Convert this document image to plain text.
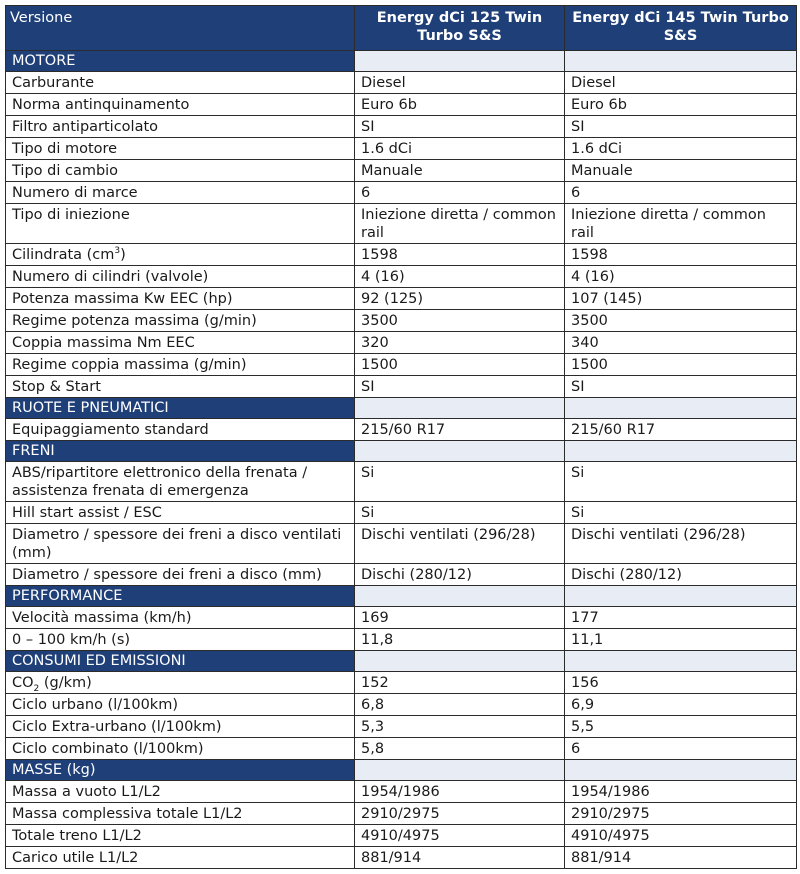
Versione	Energy dCi 125 Twin Turbo S&S	Energy dCi 145 Twin Turbo S&S
MOTORE		
Carburante	Diesel	Diesel
Norma antinquinamento	Euro 6b	Euro 6b
Filtro antiparticolato	SI	SI
Tipo di motore	1.6 dCi	1.6 dCi
Tipo di cambio	Manuale	Manuale
Numero di marce	6	6
Tipo di iniezione	Iniezione diretta / common rail	Iniezione diretta / common rail
Cilindrata $(cm^3)$	1598	1598
Numero di cilindri (valvole)	4 (16)	4 (16)
Potenza massima Kw EEC (hp)	92 (125)	107 (145)
Regime potenza massima (g/min)	3500	3500
Coppia massima Nm EEC	320	340
Regime coppia massima (g/min)	1500	1500
Stop & Start	SI	SI
RUOTE E PNEUMATICI		
Equipaggiamento standard	215/60 R17	215/60 R17
FRENI		
ABS/ripartitore elettronico della frenata / assistenza frenata di emergenza	Si	Si
Hill start assist / ESC	Si	Si
Diametro / spessore dei freni a disco ventilati (mm)	Dischi ventilati (296/28)	Dischi ventilati (296/28)
Diametro / spessore dei freni a disco (mm)	Dischi (280/12)	Dischi (280/12)
PERFORMANCE		
Velocità massima (km/h)	169	177
0 – 100 km/h (s)	11,8	11,1
CONSUMI ED EMISSIONI		
$CO_2$ (g/km)	152	156
Ciclo urbano (l/100km)	6,8	6,9
Ciclo Extra-urbano (l/100km)	5,3	5,5
Ciclo combinato (l/100km)	5,8	6
MASSE (kg)		
Massa a vuoto L1/L2	1954/1986	1954/1986
Massa complessiva totale L1/L2	2910/2975	2910/2975
Totale treno L1/L2	4910/4975	4910/4975
Carico utile L1/L2	881/914	881/914
